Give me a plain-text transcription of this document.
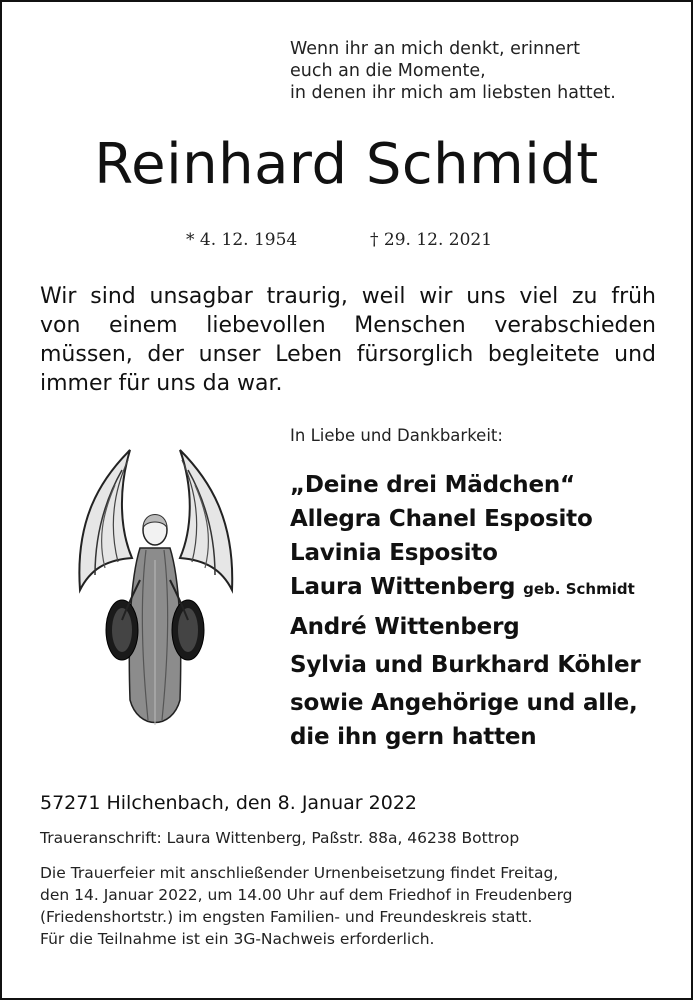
Wenn ihr an mich denkt, erinnert
euch an die Momente,
in denen ihr mich am liebsten hattet.
Reinhard Schmidt
* 4. 12. 1954	† 29. 12. 2021
Wir sind unsagbar traurig, weil wir uns viel zu früh
von einem liebevollen Menschen verabschieden
müssen, der unser Leben fürsorglich begleitete und
immer für uns da war.
In Liebe und Dankbarkeit:
„Deine drei Mädchen“
Allegra Chanel Esposito
Lavinia Esposito
Laura Wittenberg geb. Schmidt
André Wittenberg
Sylvia und Burkhard Köhler
sowie Angehörige und alle,
die ihn gern hatten
57271 Hilchenbach, den 8. Januar 2022
Traueranschrift: Laura Wittenberg, Paßstr. 88a, 46238 Bottrop
Die Trauerfeier mit anschließender Urnenbeisetzung findet Freitag,
den 14. Januar 2022, um 14.00 Uhr auf dem Friedhof in Freudenberg
(Friedenshortstr.) im engsten Familien- und Freundeskreis statt.
Für die Teilnahme ist ein 3G-Nachweis erforderlich.
